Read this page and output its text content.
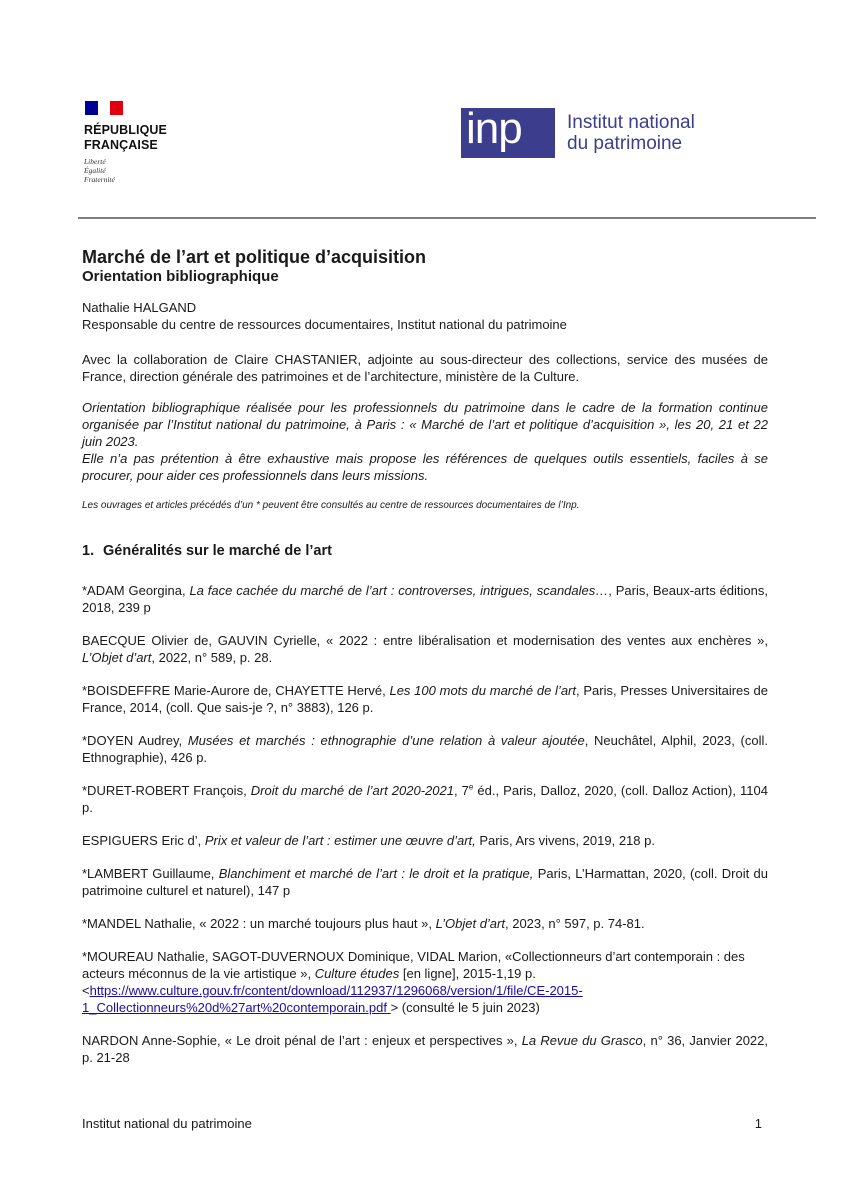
RÉPUBLIQUE
FRANÇAISE
Liberté
Égalité
Fraternité
inp Institut national
du patrimoine
Marché de l’art et politique d’acquisition
Orientation bibliographique

Nathalie HALGAND

Responsable du centre de ressources documentaires, Institut national du patrimoine

Avec la collaboration de Claire CHASTANIER, adjointe au sous-directeur des collections, service des musées de France, direction générale des patrimoines et de l’architecture, ministère de la Culture.

Orientation bibliographique réalisée pour les professionnels du patrimoine dans le cadre de la formation continue organisée par l’Institut national du patrimoine, à Paris : « Marché de l’art et politique d’acquisition », les 20, 21 et 22 juin 2023.

Elle n’a pas prétention à être exhaustive mais propose les références de quelques outils essentiels, faciles à se procurer, pour aider ces professionnels dans leurs missions.

Les ouvrages et articles précédés d’un * peuvent être consultés au centre de ressources documentaires de l’Inp.

1. Généralités sur le marché de l’art

*ADAM Georgina, La face cachée du marché de l’art : controverses, intrigues, scandales…, Paris, Beaux-arts éditions, 2018, 239 p

BAECQUE Olivier de, GAUVIN Cyrielle, « 2022 : entre libéralisation et modernisation des ventes aux enchères », L’Objet d’art, 2022, n° 589, p. 28.

*BOISDEFFRE Marie-Aurore de, CHAYETTE Hervé, Les 100 mots du marché de l’art, Paris, Presses Universitaires de France, 2014, (coll. Que sais-je ?, n° 3883), 126 p.

*DOYEN Audrey, Musées et marchés : ethnographie d’une relation à valeur ajoutée, Neuchâtel, Alphil, 2023, (coll. Ethnographie), 426 p.

*DURET-ROBERT François, Droit du marché de l’art 2020-2021, 7e éd., Paris, Dalloz, 2020, (coll. Dalloz Action), 1104 p.

ESPIGUERS Eric d’, Prix et valeur de l’art : estimer une œuvre d’art, Paris, Ars vivens, 2019, 218 p.

*LAMBERT Guillaume, Blanchiment et marché de l’art : le droit et la pratique, Paris, L’Harmattan, 2020, (coll. Droit du patrimoine culturel et naturel), 147 p

*MANDEL Nathalie, « 2022 : un marché toujours plus haut », L’Objet d’art, 2023, n° 597, p. 74-81.

*MOUREAU Nathalie, SAGOT-DUVERNOUX Dominique, VIDAL Marion, «Collectionneurs d’art contemporain : des acteurs méconnus de la vie artistique », Culture études [en ligne], 2015-1,19 p. <https://www.culture.gouv.fr/content/download/112937/1296068/version/1/file/CE-2015-1_Collectionneurs%20d%27art%20contemporain.pdf > (consulté le 5 juin 2023)

NARDON Anne-Sophie, « Le droit pénal de l’art : enjeux et perspectives », La Revue du Grasco, n° 36, Janvier 2022, p. 21-28

Institut national du patrimoine	1
